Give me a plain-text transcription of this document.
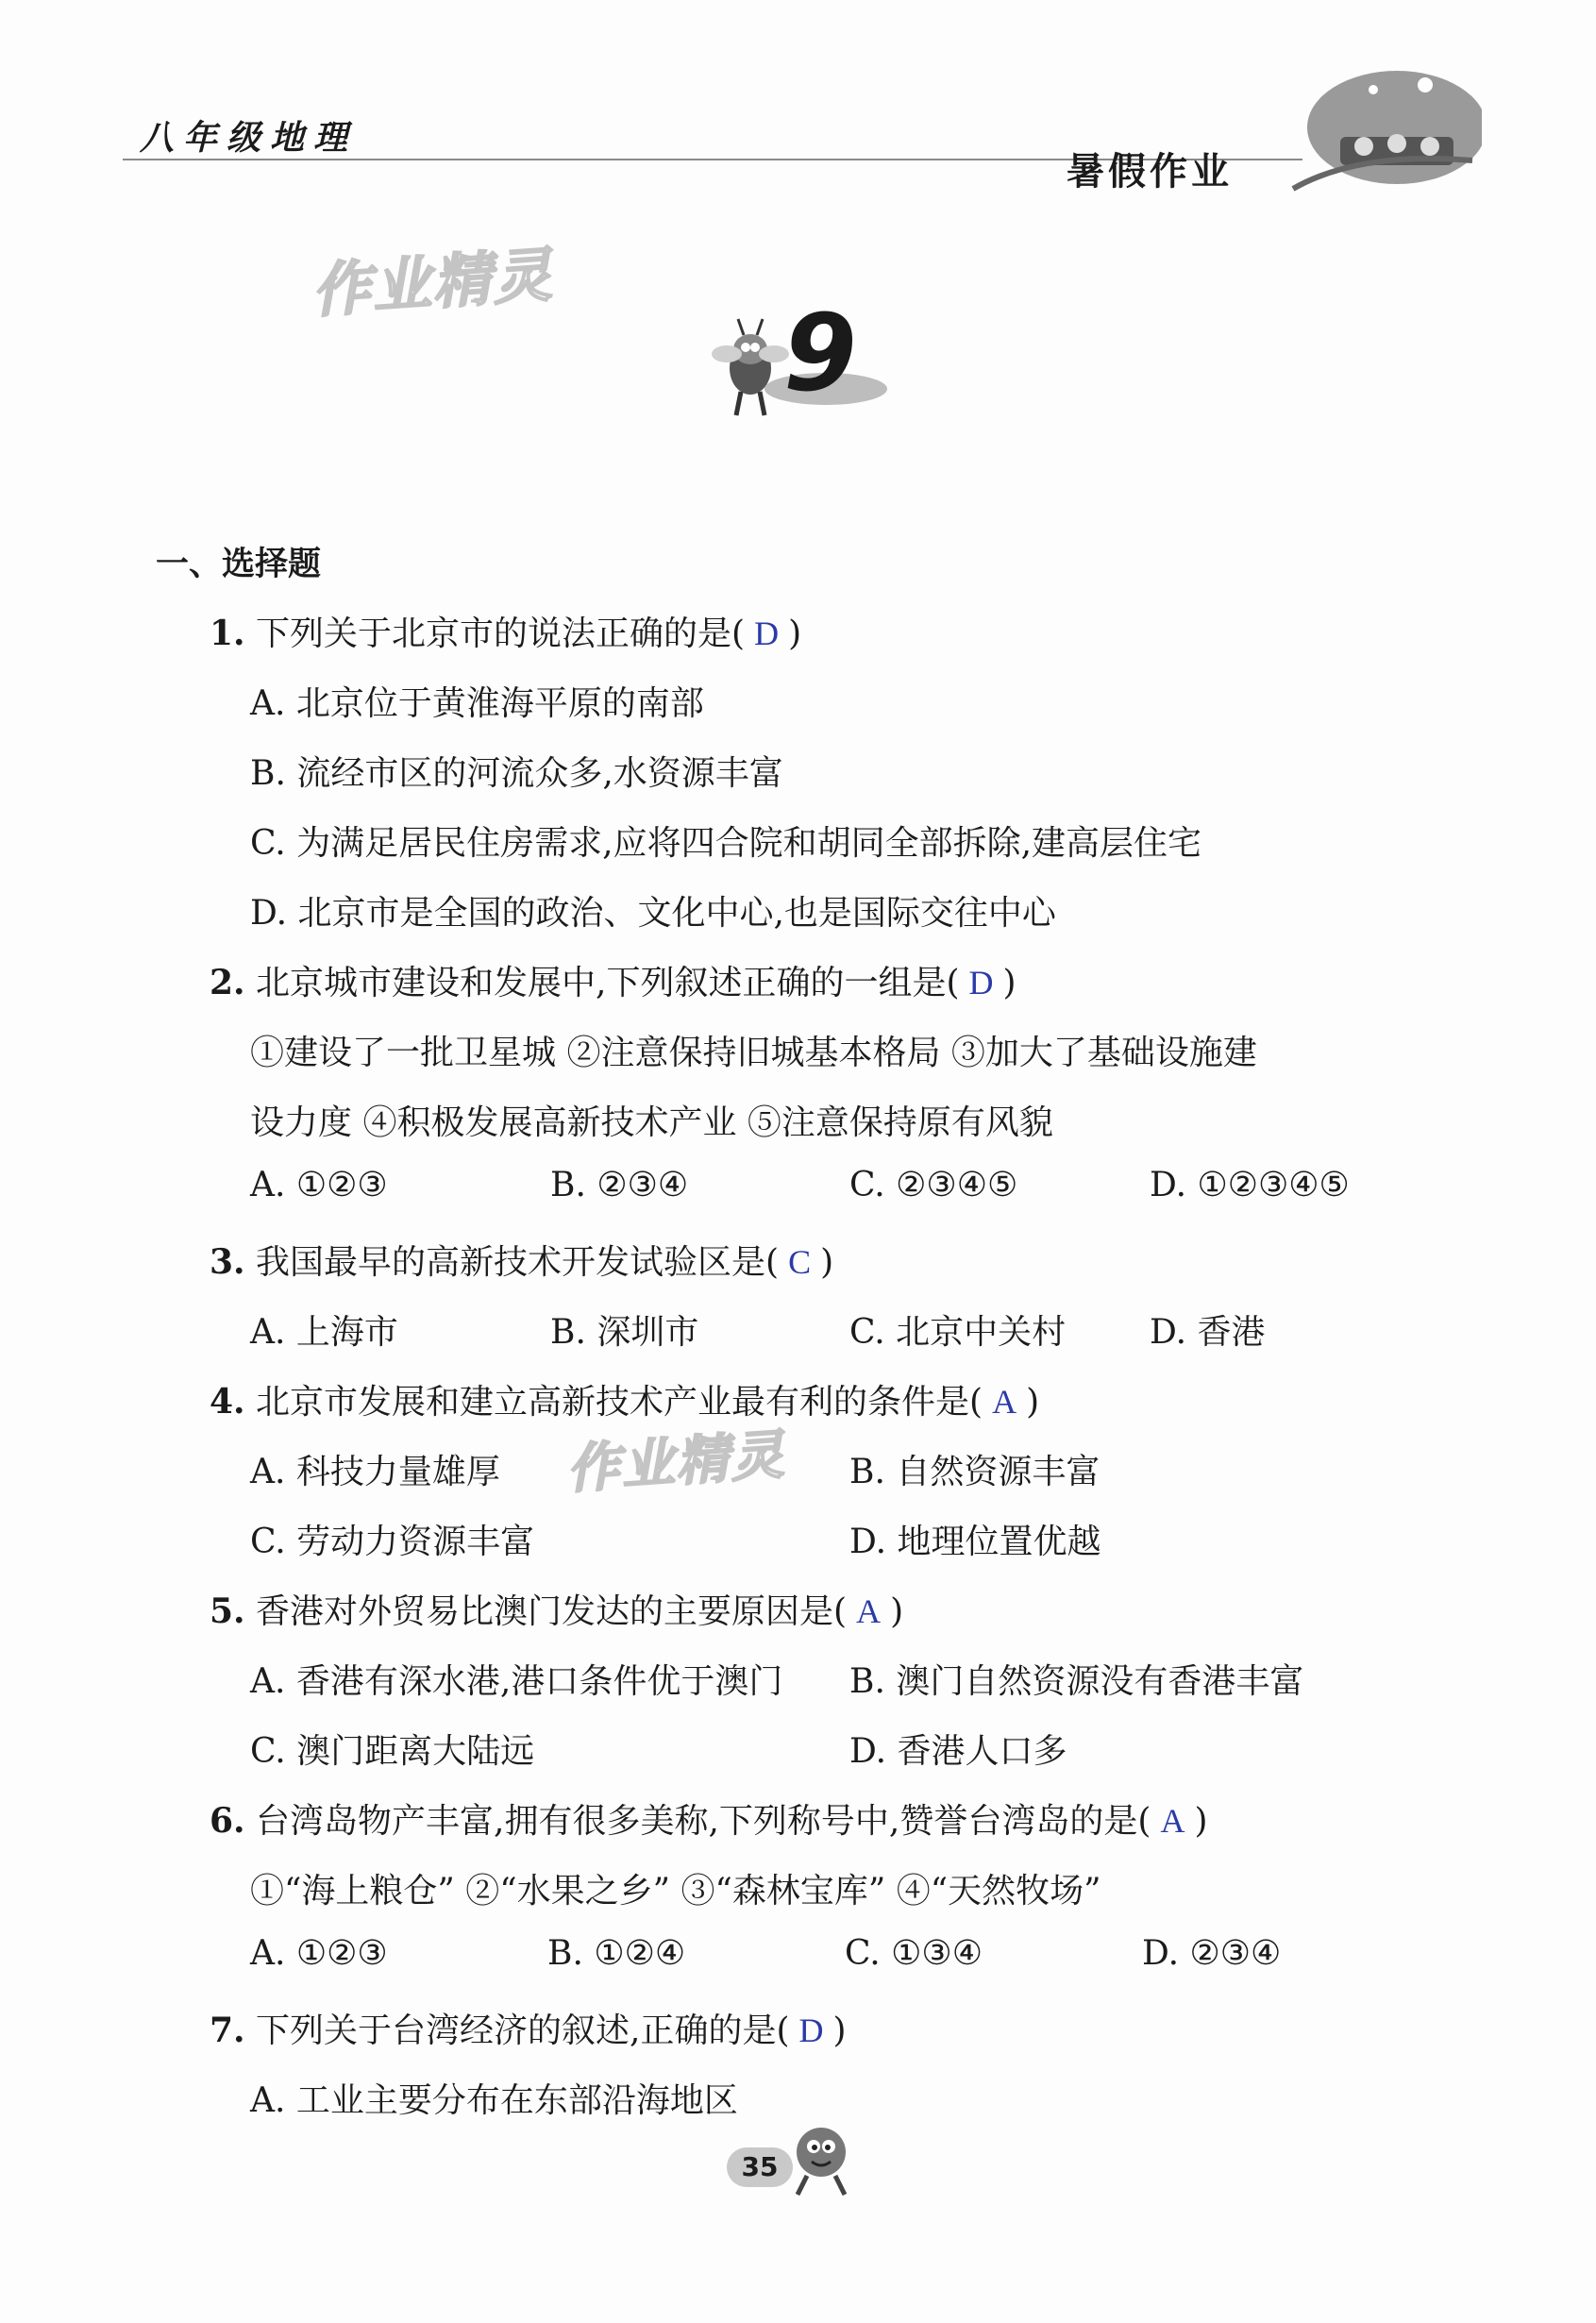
八年级地理
暑假作业
作业精灵
9
一、选择题
1. 下列关于北京市的说法正确的是( D )
A. 北京位于黄淮海平原的南部
B. 流经市区的河流众多,水资源丰富
C. 为满足居民住房需求,应将四合院和胡同全部拆除,建高层住宅
D. 北京市是全国的政治、文化中心,也是国际交往中心
2. 北京城市建设和发展中,下列叙述正确的一组是( D )
①建设了一批卫星城 ②注意保持旧城基本格局 ③加大了基础设施建
设力度 ④积极发展高新技术产业 ⑤注意保持原有风貌
A. ①②③	B. ②③④	C. ②③④⑤	D. ①②③④⑤
3. 我国最早的高新技术开发试验区是( C )
A. 上海市	B. 深圳市	C. 北京中关村 D. 香港
4. 北京市发展和建立高新技术产业最有利的条件是( A )
作业精灵
A. 科技力量雄厚	B. 自然资源丰富
C. 劳动力资源丰富	D. 地理位置优越
5. 香港对外贸易比澳门发达的主要原因是( A )
A. 香港有深水港,港口条件优于澳门 B. 澳门自然资源没有香港丰富
C. 澳门距离大陆远	D. 香港人口多
6. 台湾岛物产丰富,拥有很多美称,下列称号中,赞誉台湾岛的是( A )
①“海上粮仓” ②“水果之乡” ③“森林宝库” ④“天然牧场”
A. ①②③	B. ①②④	C. ①③④	D. ②③④
7. 下列关于台湾经济的叙述,正确的是( D )
A. 工业主要分布在东部沿海地区
35
